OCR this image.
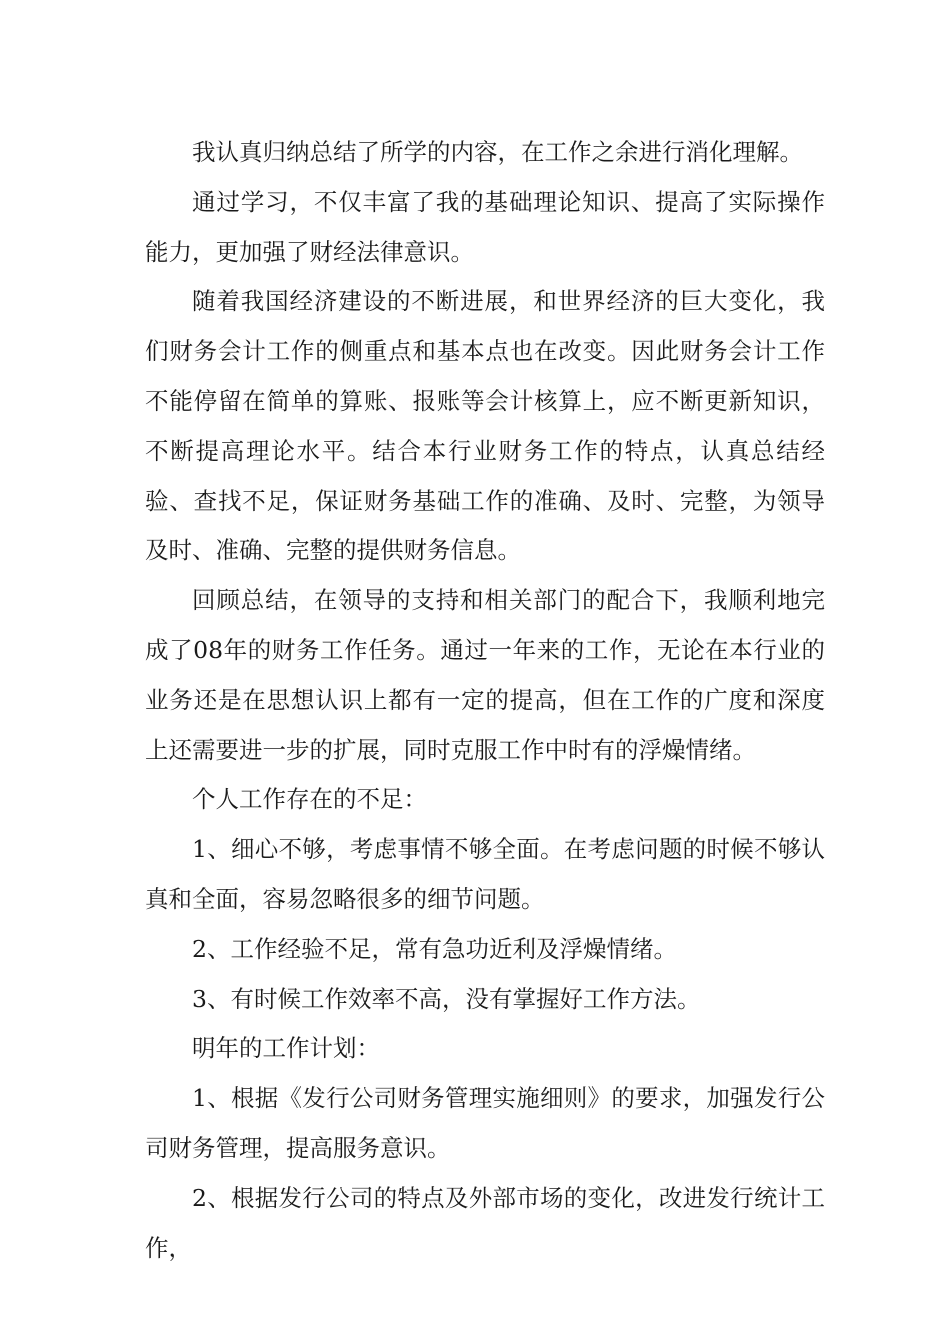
我认真归纳总结了所学的内容，在工作之余进行消化理解。

通过学习，不仅丰富了我的基础理论知识、提高了实际操作能力，更加强了财经法律意识。

随着我国经济建设的不断进展，和世界经济的巨大变化，我们财务会计工作的侧重点和基本点也在改变。因此财务会计工作不能停留在简单的算账、报账等会计核算上，应不断更新知识，不断提高理论水平。结合本行业财务工作的特点，认真总结经验、查找不足，保证财务基础工作的准确、及时、完整，为领导及时、准确、完整的提供财务信息。

回顾总结，在领导的支持和相关部门的配合下，我顺利地完成了08年的财务工作任务。通过一年来的工作，无论在本行业的业务还是在思想认识上都有一定的提高，但在工作的广度和深度上还需要进一步的扩展，同时克服工作中时有的浮燥情绪。

个人工作存在的不足：

1、细心不够，考虑事情不够全面。在考虑问题的时候不够认真和全面，容易忽略很多的细节问题。

2、工作经验不足，常有急功近利及浮燥情绪。

3、有时候工作效率不高，没有掌握好工作方法。

明年的工作计划：

1、根据《发行公司财务管理实施细则》的要求，加强发行公司财务管理，提高服务意识。

2、根据发行公司的特点及外部市场的变化，改进发行统计工作，
